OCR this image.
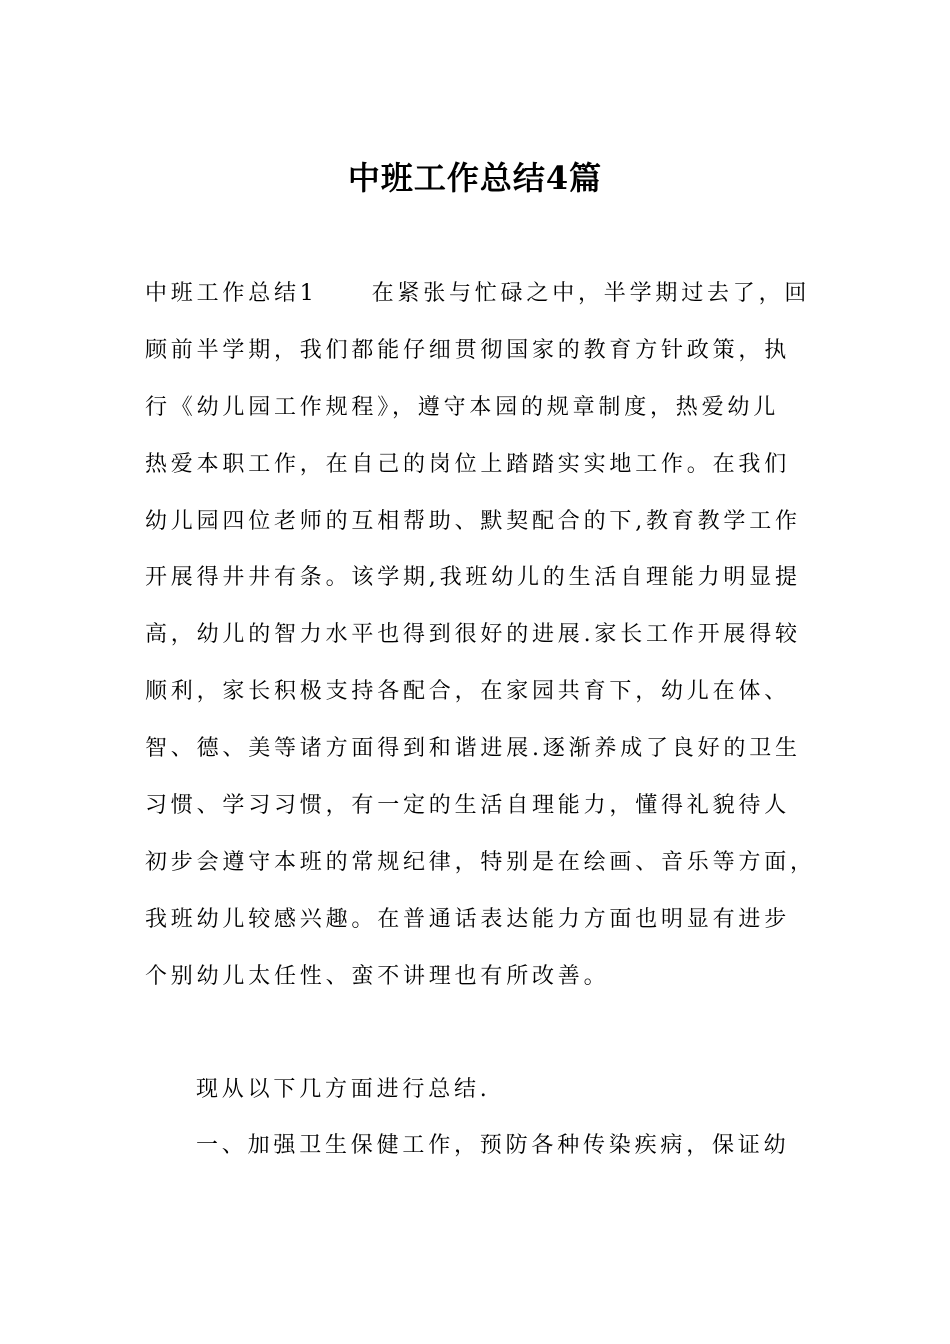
中班工作总结4篇
中班工作总结1 在紧张与忙碌之中，半学期过去了，回
顾前半学期，我们都能仔细贯彻国家的教育方针政策，执
行《幼儿园工作规程》，遵守本园的规章制度，热爱幼儿
热爱本职工作，在自己的岗位上踏踏实实地工作。在我们
幼儿园四位老师的互相帮助、默契配合的下,教育教学工作
开展得井井有条。该学期,我班幼儿的生活自理能力明显提
高，幼儿的智力水平也得到很好的进展.家长工作开展得较
顺利，家长积极支持各配合，在家园共育下，幼儿在体、
智、德、美等诸方面得到和谐进展.逐渐养成了良好的卫生
习惯、学习习惯，有一定的生活自理能力，懂得礼貌待人
初步会遵守本班的常规纪律，特别是在绘画、音乐等方面，
我班幼儿较感兴趣。在普通话表达能力方面也明显有进步
个别幼儿太任性、蛮不讲理也有所改善。
现从以下几方面进行总结.
一、加强卫生保健工作，预防各种传染疾病，保证幼
